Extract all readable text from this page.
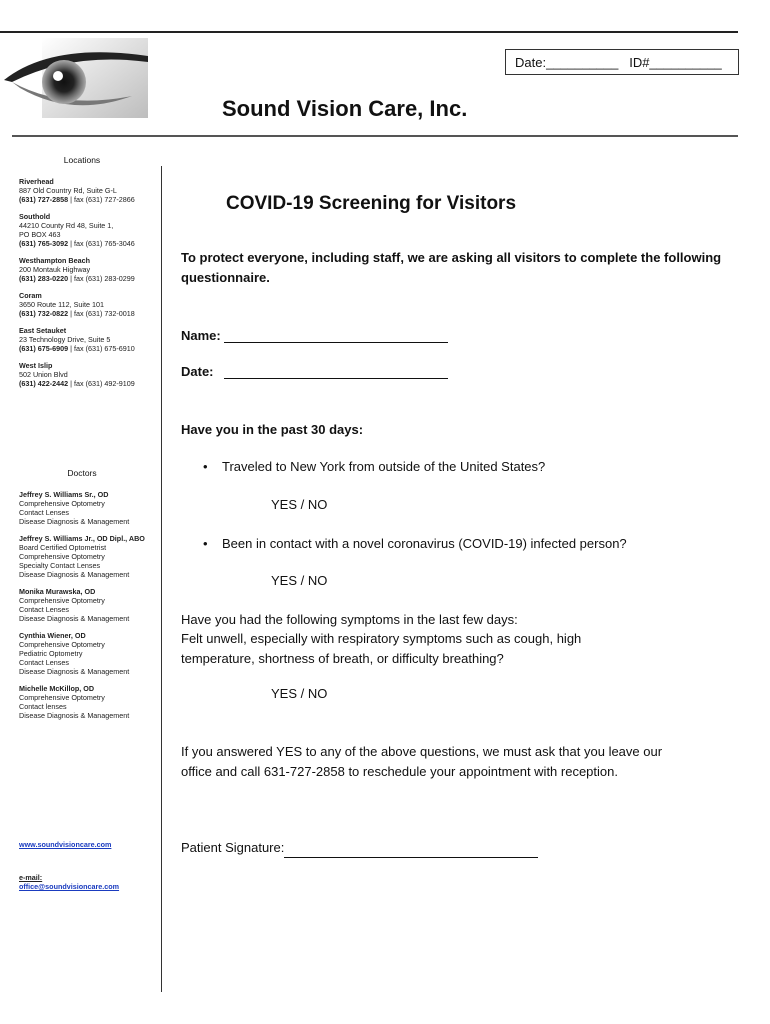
Date:__________   ID#__________
Sound Vision Care, Inc.
Locations
Riverhead
887 Old Country Rd, Suite G-L
(631) 727-2858 | fax (631) 727-2866
Southold
44210 County Rd 48, Suite 1,
PO BOX 463
(631) 765-3092 | fax (631) 765-3046
Westhampton Beach
200 Montauk Highway
(631) 283-0220 | fax (631) 283-0299
Coram
3650 Route 112, Suite 101
(631) 732-0822 | fax (631) 732-0018
East Setauket
23 Technology Drive, Suite 5
(631) 675-6909 | fax (631) 675-6910
West Islip
502 Union Blvd
(631) 422-2442 | fax (631) 492-9109
Doctors
Jeffrey S. Williams Sr., OD
Comprehensive Optometry
Contact Lenses
Disease Diagnosis & Management
Jeffrey S. Williams Jr., OD Dipl., ABO
Board Certified Optometrist
Comprehensive Optometry
Specialty Contact Lenses
Disease Diagnosis & Management
Monika Murawska, OD
Comprehensive Optometry
Contact Lenses
Disease Diagnosis & Management
Cynthia Wiener, OD
Comprehensive Optometry
Pediatric Optometry
Contact Lenses
Disease Diagnosis & Management
Michelle McKillop, OD
Comprehensive Optometry
Contact lenses
Disease Diagnosis & Management
www.soundvisioncare.com
e-mail:
office@soundvisioncare.com
COVID-19 Screening for Visitors
To protect everyone, including staff, we are asking all visitors to complete the following questionnaire.
Name:
Date:
Have you in the past 30 days:
• Traveled to New York from outside of the United States?
YES / NO
• Been in contact with a novel coronavirus (COVID-19) infected person?
YES / NO
Have you had the following symptoms in the last few days:
Felt unwell, especially with respiratory symptoms such as cough, high temperature, shortness of breath, or difficulty breathing?
YES / NO
If you answered YES to any of the above questions, we must ask that you leave our office and call 631-727-2858 to reschedule your appointment with reception.
Patient Signature:
